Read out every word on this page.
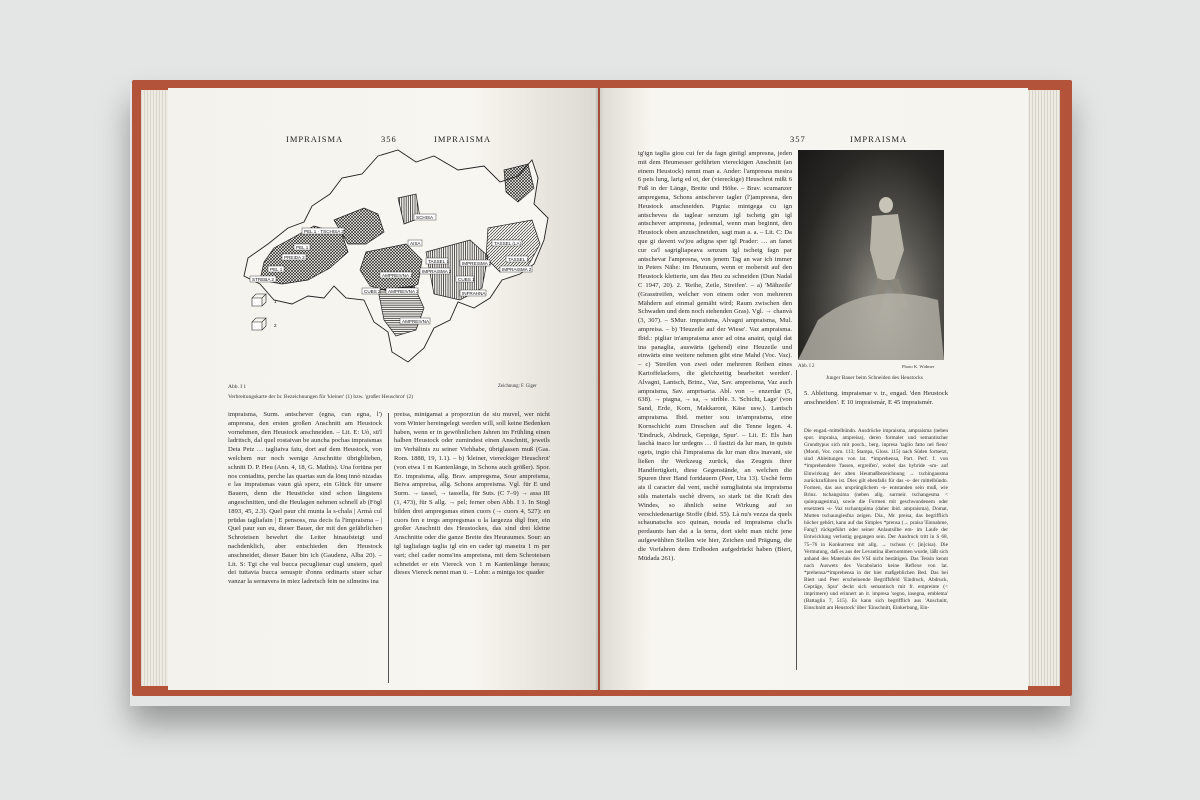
IMPRAISMA	356	IMPRAISMA
SCHISA
PEL 1 · TSCHISA 2
PEL 1
PREIDA 2
PEL 1
STREBA 2
AISA
TASSEL 1
IMPRAISMA 2
AMPREIVNA 1
CUBS 1
IMPREISMA 2
CUBS 2 AMPREIVNA 2	INFRAHNA
AMPREIVNA
TASSEL (LA)
TASSEL 1
IMPRAISMA 2
1
2
Abb. I 1	Zeichnung: F. Giger
Verbreitungskarte der br. Bezeichnungen für 'kleiner' (1) bzw. 'großer Heuschrot' (2)

impraisma, Surm. antschever (egna, cun egna, l') ampresna, den ersten großen Anschnitt am Heustock vornehmen, den Heustock anschneiden. – Lit. E: Uò, sü'l ladritsch, dal quel rostaivan be aunchа pochas impraismas Deta Petz … tagliaiva faiu, dort auf dem Heustock, von welchem nur noch wenige Anschnitte übrigblieben, schnitt D. P. Heu (Ann. 4, 18, G. Mathis). Una fortüna per nos contadins, perche las quartas sun da lönq innò nizadas e las impraismas vaun già sperz, ein Glück für unsere Bauern, denn die Heustöcke sind schon längstens angeschnitten, und die Heulagen nehmen schnell ab (Fögl 1893, 45, 2.3). Quel paur chi munta la s-chala | Armà cul prüdas tagliafain | E pensoss, ma decis fa l'impraisma – | Quel paur sun eu, dieser Bauer, der mit den gefährlichen Schroteisen bewehrt die Leiter hinaufsteigt und nachdenklich, aber entschieden den Heustock anschneidet, dieser Bauer bin ich (Gaudenz, Alba 20). – Lit. S: Tgi che vul bucca pecuglienar cugl unsiern, quel dei tuttavia bucca senuspir d'onns ordinaris stuer schar vanzar la sernavera in miez ladretsch fein ne silmeins ina

preisa, mintgamai a proporziun de siu muvel, wer nicht vom Winter hereingelegt werden will, soll keine Bedenken haben, wenn er in gewöhnlichen Jahren im Frühling einen halben Heustock oder zumindest einen Anschnitt, jeweils im Verhältnis zu seiner Viehhabe, übriglassen muß (Gas. Rom. 1888, 19, 1.1). – b) 'kleiner, viereckiger Heuschrot' (von etwa 1 m Kantenlänge, in Schons auch größer). Spor. Eo. impraisma, allg. Brav. ampregsma, Sour ampreisma, Beiva ampreisa, allg. Schons ampreisma. Vgl. für E und Surm. → tassel, → tassella, für Suts. (C 7–9) → assa III (1, 473), für S allg. → pel; ferner oben Abb. I 1. In Stogl bilden drei ampregsmas einen cuors (→ cuors 4, 527): en cuors fen e tregs ampregsmas u la largezza digl fner, ein großer Anschnitt des Heustockes, das sind drei kleine Anschnitte oder die ganze Breite des Heuraumes. Sour: an igl tagliafagn taglia igl ein en cader tgi maseira 1 m per vart; chel cader noms'ins ampreisna, mit dem Schroteisen schneidet er ein Viereck von 1 m Kantenlänge heraus; dieses Viereck nennt man ü. – Lohn: a mintga toc quader

357	IMPRAISMA

tg'ign taglia giou cui fer da fagn giniigl ampresna, jeden mit dem Heumesser geführten viereckigen Anschnitt (an einem Heustock) nennt man a. Ander: l'ampresna mesira 6 peis lung, larig ed ot, der (viereckige) Heuschrot mißt 6 Fuß in der Länge, Breite und Höhe. – Brav. scumanzer ampregsma, Schons antschever tagler (l')ampresna, den Heustock anschneiden. Pignia: mintgega cu ign antschevea da taglear senzum igl tschetg gin igl antschever ampresna, jedesmal, wenn man beginnt, den Heustock oben anzuschneiden, sagt man a. a. – Lit. C: Da que gi davent va'jou adigna sper igl Prader: … an fanet cur ca'l sagrigliapeava senzum igl tschetg fagn par antschevar l'ampresna, von jenem Tag an war ich immer in Peters Nähe: im Heuraum, wenn er mobersit auf den Heustock kletterte, um das Heu zu schneiden (Dun Nadal C 1947, 20). 2. 'Reihe, Zeile, Streifen'. – a) 'Mähzeile' (Grasstreifen, welcher von einem oder von mehreren Mähdern auf einmal gemäht wird; Raum zwischen den Schwaden und dem noch stehenden Gras). Vgl. → chanvà (3, 307). – SMur. impraisma, Alvagni ampraisma, Mul. ampreisa. – b) 'Heuzeile auf der Wiese'. Vaz ampraisma. Ibid.: pigliar in'ampraisma anor ad oina anaint, quigl dat ina panaglia, auswärts (gehend) eine Heuzeile und einwärts eine weitere nehmen gibt eine Mahd (Voc. Vaz). – c) 'Streifen von zwei oder mehreren Reihen eines Kartoffelackers, die gleichzeitig bearbeitet werden'. Alvagni, Lantsch, Brinz., Vaz, Sav. ampreisma, Vaz auch ampraisma, Sav. amprisaria. Abl. von → enzerdar (5, 638). → piagna, → sa, → strible. 3. 'Schicht, Lage' (von Sand, Erde, Korn, Makkaroni, Käse usw.). Lantsch ampraisma. Ibid. metter sou in'ampraisma, eine Kornschicht zum Dreschen auf die Tenne legen. 4. 'Eindruck, Abdruck, Gepräge, Spur'. – Lit. E: Els han laschà inaco lur urdegns … il fastizi da lur man, in quists ogets, ingio chà l'impraisma da lur man dira inavant, sie ließen ihr Werkzeug zurück, das Zeugnis ihrer Handfertigkeit, diese Gegenstände, an welchen die Spuren ihrer Hand fortdauern (Peer, Ura 13). Uschè ferm ais il caracter dal vent, uschè sumgliainta sia impraisma süls materials uschè divers, so stark ist die Kraft des Windes, so ähnlich seine Wirkung auf so verschiedenartige Stoffe (ibid. 55). Là nu's vezza da quels schaunatschs sco quinan, nouda ed impraisma cha'ls perdaunts han dat a la terra, dort sieht man nicht jene aufgewühlten Stellen wie hier, Zeichen und Prägung, die die Vorfahren dem Erdboden aufgedrückt haben (Biert, Müdada 261).

Abb. I 2	Photo K. Widmer
Junger Bauer beim Schneiden des Heustocks

5. Ableitung. impraismar v. tr., engad. 'den Heustock anschneiden'. E 10 impraismár, E 45 impraismér.

Die engad.-mittelbündn. Ausdrücke impraisma, ampraisma (neben spor. impraisa, ampreisa), deren formaler und semantischer Grundtypus sich mit posch., berg. inpresa 'taglio fatto nel fieno' (Monti, Voc. com. 113; Stampa, Gloss. 115) nach Süden fortsetzt, sind Ableitungen von lat. *imprehensa, Part. Perf. f. von *imprehendere 'fassen, ergreifen', wobei das hybride -sm- auf Einwirkung der alten Heumaßbezeichnung → tschingausma zurückzuführen ist. Dies gilt ebenfalls für das -s- der mittelbündn. Formen, das aus ursprünglichem -n- entstanden sein muß, wie Brinz. tschangsima (neben allg. surmeir. tschangesma < quinquagesima), sowie die Formen mit geschwundenem oder ersetztem -s- Vaz tschantgaima (daher ibid. ampraisma), Domat, Mutten tschaungiesfna zeigen. Dia., Mr. preisa, das begrifflich höcher gehört, kann auf das Simplex *prensa (→ praisa 'Einnahme, Fang') rückgeführt oder seiner Anlautsilbe em- im Laufe der Entwicklung verlustig gegangen sein. Der Ausdruck tritt in S 68, 75–76 in Konkurrenz mit allg. → tschuss (< [in]cisa). Die Vermutung, daß es aus der Levantina übernommen wurde, läßt sich anhand des Materials des VSI nicht bestätigen. Das Tessin kennt nach Auswets des Vocabolario keine Reflexe von lat. *prehensa/*imprehensa in der hier maßgeblichen Bed. Das bei Biert und Peer erscheinende Begriffsfeld 'Eindruck, Abdruck, Gepräge, Spur' deckt sich semantisch mit fr. empreinte (< imprimere) und erinnert an it. impresa 'segno, insegna, emblema' (Battaglia 7, 515). Es kann sich begrifflich aus 'Anschnitt, Einschnitt am Heustock' über 'Einschnitt, Einkerbung, Ein-
